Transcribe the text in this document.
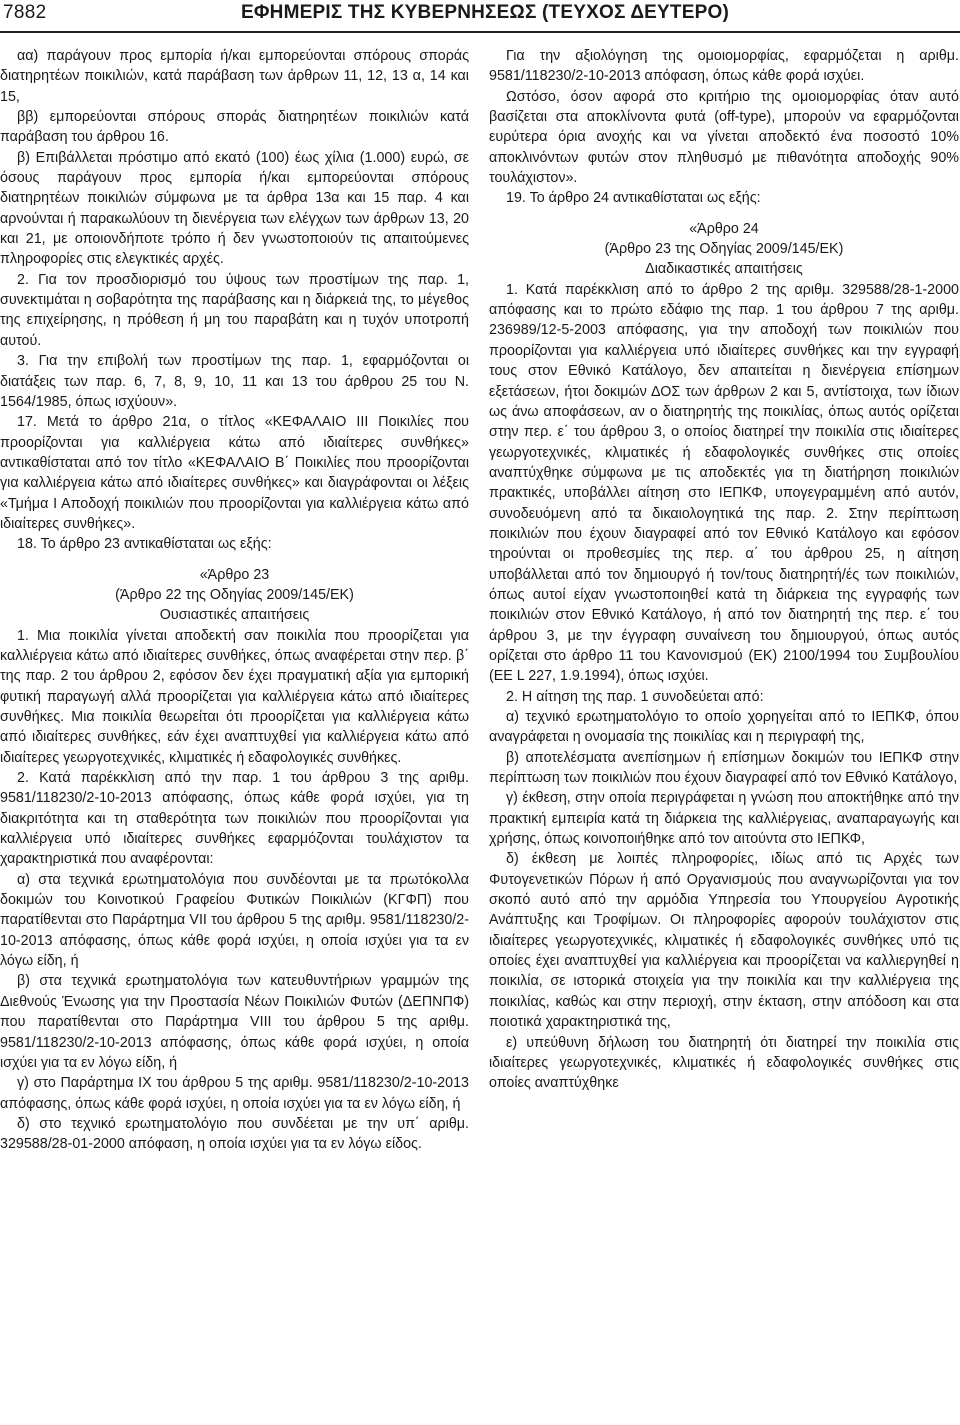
7882	ΕΦΗΜΕΡΙΣ ΤΗΣ ΚΥΒΕΡΝΗΣΕΩΣ (ΤΕΥΧΟΣ ΔΕΥΤΕΡΟ)

αα) παράγουν προς εμπορία ή/και εμπορεύονται σπόρους σποράς διατηρητέων ποικιλιών, κατά παράβαση των άρθρων 11, 12, 13 α, 14 και 15,

ββ) εμπορεύονται σπόρους σποράς διατηρητέων ποικιλιών κατά παράβαση του άρθρου 16.

β) Επιβάλλεται πρόστιμο από εκατό (100) έως χίλια (1.000) ευρώ, σε όσους παράγουν προς εμπορία ή/και εμπορεύονται σπόρους διατηρητέων ποικιλιών σύμφωνα με τα άρθρα 13α και 15 παρ. 4 και αρνούνται ή παρακωλύουν τη διενέργεια των ελέγχων των άρθρων 13, 20 και 21, με οποιονδήποτε τρόπο ή δεν γνωστοποιούν τις απαιτούμενες πληροφορίες στις ελεγκτικές αρχές.

2. Για τον προσδιορισμό του ύψους των προστίμων της παρ. 1, συνεκτιμάται η σοβαρότητα της παράβασης και η διάρκειά της, το μέγεθος της επιχείρησης, η πρόθεση ή μη του παραβάτη και η τυχόν υποτροπή αυτού.

3. Για την επιβολή των προστίμων της παρ. 1, εφαρμόζονται οι διατάξεις των παρ. 6, 7, 8, 9, 10, 11 και 13 του άρθρου 25 του Ν. 1564/1985, όπως ισχύουν».

17. Μετά το άρθρο 21α, ο τίτλος «ΚΕΦΑΛΑΙΟ ΙΙΙ Ποικιλίες που προορίζονται για καλλιέργεια κάτω από ιδιαίτερες συνθήκες» αντικαθίσταται από τον τίτλο «ΚΕΦΑΛΑΙΟ Β΄ Ποικιλίες που προορίζονται για καλλιέργεια κάτω από ιδιαίτερες συνθήκες» και διαγράφονται οι λέξεις «Τμήμα Ι Αποδοχή ποικιλιών που προορίζονται για καλλιέργεια κάτω από ιδιαίτερες συνθήκες».

18. Το άρθρο 23 αντικαθίσταται ως εξής:

«Άρθρο 23

(Άρθρο 22 της Οδηγίας 2009/145/ΕΚ)

Ουσιαστικές απαιτήσεις

1. Μια ποικιλία γίνεται αποδεκτή σαν ποικιλία που προορίζεται για καλλιέργεια κάτω από ιδιαίτερες συνθήκες, όπως αναφέρεται στην περ. β΄ της παρ. 2 του άρθρου 2, εφόσον δεν έχει πραγματική αξία για εμπορική φυτική παραγωγή αλλά προορίζεται για καλλιέργεια κάτω από ιδιαίτερες συνθήκες. Μια ποικιλία θεωρείται ότι προορίζεται για καλλιέργεια κάτω από ιδιαίτερες συνθήκες, εάν έχει αναπτυχθεί για καλλιέργεια κάτω από ιδιαίτερες γεωργοτεχνικές, κλιματικές ή εδαφολογικές συνθήκες.

2. Κατά παρέκκλιση από την παρ. 1 του άρθρου 3 της αριθμ. 9581/118230/2-10-2013 απόφασης, όπως κάθε φορά ισχύει, για τη διακριτότητα και τη σταθερότητα των ποικιλιών που προορίζονται για καλλιέργεια υπό ιδιαίτερες συνθήκες εφαρμόζονται τουλάχιστον τα χαρακτηριστικά που αναφέρονται:

α) στα τεχνικά ερωτηματολόγια που συνδέονται με τα πρωτόκολλα δοκιμών του Κοινοτικού Γραφείου Φυτικών Ποικιλιών (ΚΓΦΠ) που παρατίθενται στο Παράρτημα VII του άρθρου 5 της αριθμ. 9581/118230/2-10-2013 απόφασης, όπως κάθε φορά ισχύει, η οποία ισχύει για τα εν λόγω είδη, ή

β) στα τεχνικά ερωτηματολόγια των κατευθυντήριων γραμμών της Διεθνούς Ένωσης για την Προστασία Νέων Ποικιλιών Φυτών (ΔΕΠΝΠΦ) που παρατίθενται στο Παράρτημα VIII του άρθρου 5 της αριθμ. 9581/118230/2-10-2013 απόφασης, όπως κάθε φορά ισχύει, η οποία ισχύει για τα εν λόγω είδη, ή

γ) στο Παράρτημα IX του άρθρου 5 της αριθμ. 9581/118230/2-10-2013 απόφασης, όπως κάθε φορά ισχύει, η οποία ισχύει για τα εν λόγω είδη, ή

δ) στο τεχνικό ερωτηματολόγιο που συνδέεται με την υπ΄ αριθμ. 329588/28-01-2000 απόφαση, η οποία ισχύει για τα εν λόγω είδος.

Για την αξιολόγηση της ομοιομορφίας, εφαρμόζεται η αριθμ. 9581/118230/2-10-2013 απόφαση, όπως κάθε φορά ισχύει.

Ωστόσο, όσον αφορά στο κριτήριο της ομοιομορφίας όταν αυτό βασίζεται στα αποκλίνοντα φυτά (off-type), μπορούν να εφαρμόζονται ευρύτερα όρια ανοχής και να γίνεται αποδεκτό ένα ποσοστό 10% αποκλινόντων φυτών στον πληθυσμό με πιθανότητα αποδοχής 90% τουλάχιστον».

19. Το άρθρο 24 αντικαθίσταται ως εξής:

«Άρθρο 24

(Άρθρο 23 της Οδηγίας 2009/145/ΕΚ)

Διαδικαστικές απαιτήσεις

1. Κατά παρέκκλιση από το άρθρο 2 της αριθμ. 329588/28-1-2000 απόφασης και το πρώτο εδάφιο της παρ. 1 του άρθρου 7 της αριθμ. 236989/12-5-2003 απόφασης, για την αποδοχή των ποικιλιών που προορίζονται για καλλιέργεια υπό ιδιαίτερες συνθήκες και την εγγραφή τους στον Εθνικό Κατάλογο, δεν απαιτείται η διενέργεια επίσημων εξετάσεων, ήτοι δοκιμών ΔΟΣ των άρθρων 2 και 5, αντίστοιχα, των ίδιων ως άνω αποφάσεων, αν ο διατηρητής της ποικιλίας, όπως αυτός ορίζεται στην περ. ε΄ του άρθρου 3, ο οποίος διατηρεί την ποικιλία στις ιδιαίτερες γεωργοτεχνικές, κλιματικές ή εδαφολογικές συνθήκες στις οποίες αναπτύχθηκε σύμφωνα με τις αποδεκτές για τη διατήρηση ποικιλιών πρακτικές, υποβάλλει αίτηση στο ΙΕΠΚΦ, υπογεγραμμένη από αυτόν, συνοδευόμενη από τα δικαιολογητικά της παρ. 2. Στην περίπτωση ποικιλιών που έχουν διαγραφεί από τον Εθνικό Κατάλογο και εφόσον τηρούνται οι προθεσμίες της περ. α΄ του άρθρου 25, η αίτηση υποβάλλεται από τον δημιουργό ή τον/τους διατηρητή/ές των ποικιλιών, όπως αυτοί είχαν γνωστοποιηθεί κατά τη διάρκεια της εγγραφής των ποικιλιών στον Εθνικό Κατάλογο, ή από τον διατηρητή της περ. ε΄ του άρθρου 3, με την έγγραφη συναίνεση του δημιουργού, όπως αυτός ορίζεται στο άρθρο 11 του Κανονισμού (ΕΚ) 2100/1994 του Συμβουλίου (ΕΕ L 227, 1.9.1994), όπως ισχύει.

2. Η αίτηση της παρ. 1 συνοδεύεται από:

α) τεχνικό ερωτηματολόγιο το οποίο χορηγείται από το ΙΕΠΚΦ, όπου αναγράφεται η ονομασία της ποικιλίας και η περιγραφή της,

β) αποτελέσματα ανεπίσημων ή επίσημων δοκιμών του ΙΕΠΚΦ στην περίπτωση των ποικιλιών που έχουν διαγραφεί από τον Εθνικό Κατάλογο,

γ) έκθεση, στην οποία περιγράφεται η γνώση που αποκτήθηκε από την πρακτική εμπειρία κατά τη διάρκεια της καλλιέργειας, αναπαραγωγής και χρήσης, όπως κοινοποιήθηκε από τον αιτούντα στο ΙΕΠΚΦ,

δ) έκθεση με λοιπές πληροφορίες, ιδίως από τις Αρχές των Φυτογενετικών Πόρων ή από Οργανισμούς που αναγνωρίζονται για τον σκοπό αυτό από την αρμόδια Υπηρεσία του Υπουργείου Αγροτικής Ανάπτυξης και Τροφίμων. Οι πληροφορίες αφορούν τουλάχιστον στις ιδιαίτερες γεωργοτεχνικές, κλιματικές ή εδαφολογικές συνθήκες υπό τις οποίες έχει αναπτυχθεί για καλλιέργεια και προορίζεται να καλλιεργηθεί η ποικιλία, σε ιστορικά στοιχεία για την ποικιλία και την καλλιέργεια της ποικιλίας, καθώς και στην περιοχή, στην έκταση, στην απόδοση και στα ποιοτικά χαρακτηριστικά της,

ε) υπεύθυνη δήλωση του διατηρητή ότι διατηρεί την ποικιλία στις ιδιαίτερες γεωργοτεχνικές, κλιματικές ή εδαφολογικές συνθήκες στις οποίες αναπτύχθηκε
